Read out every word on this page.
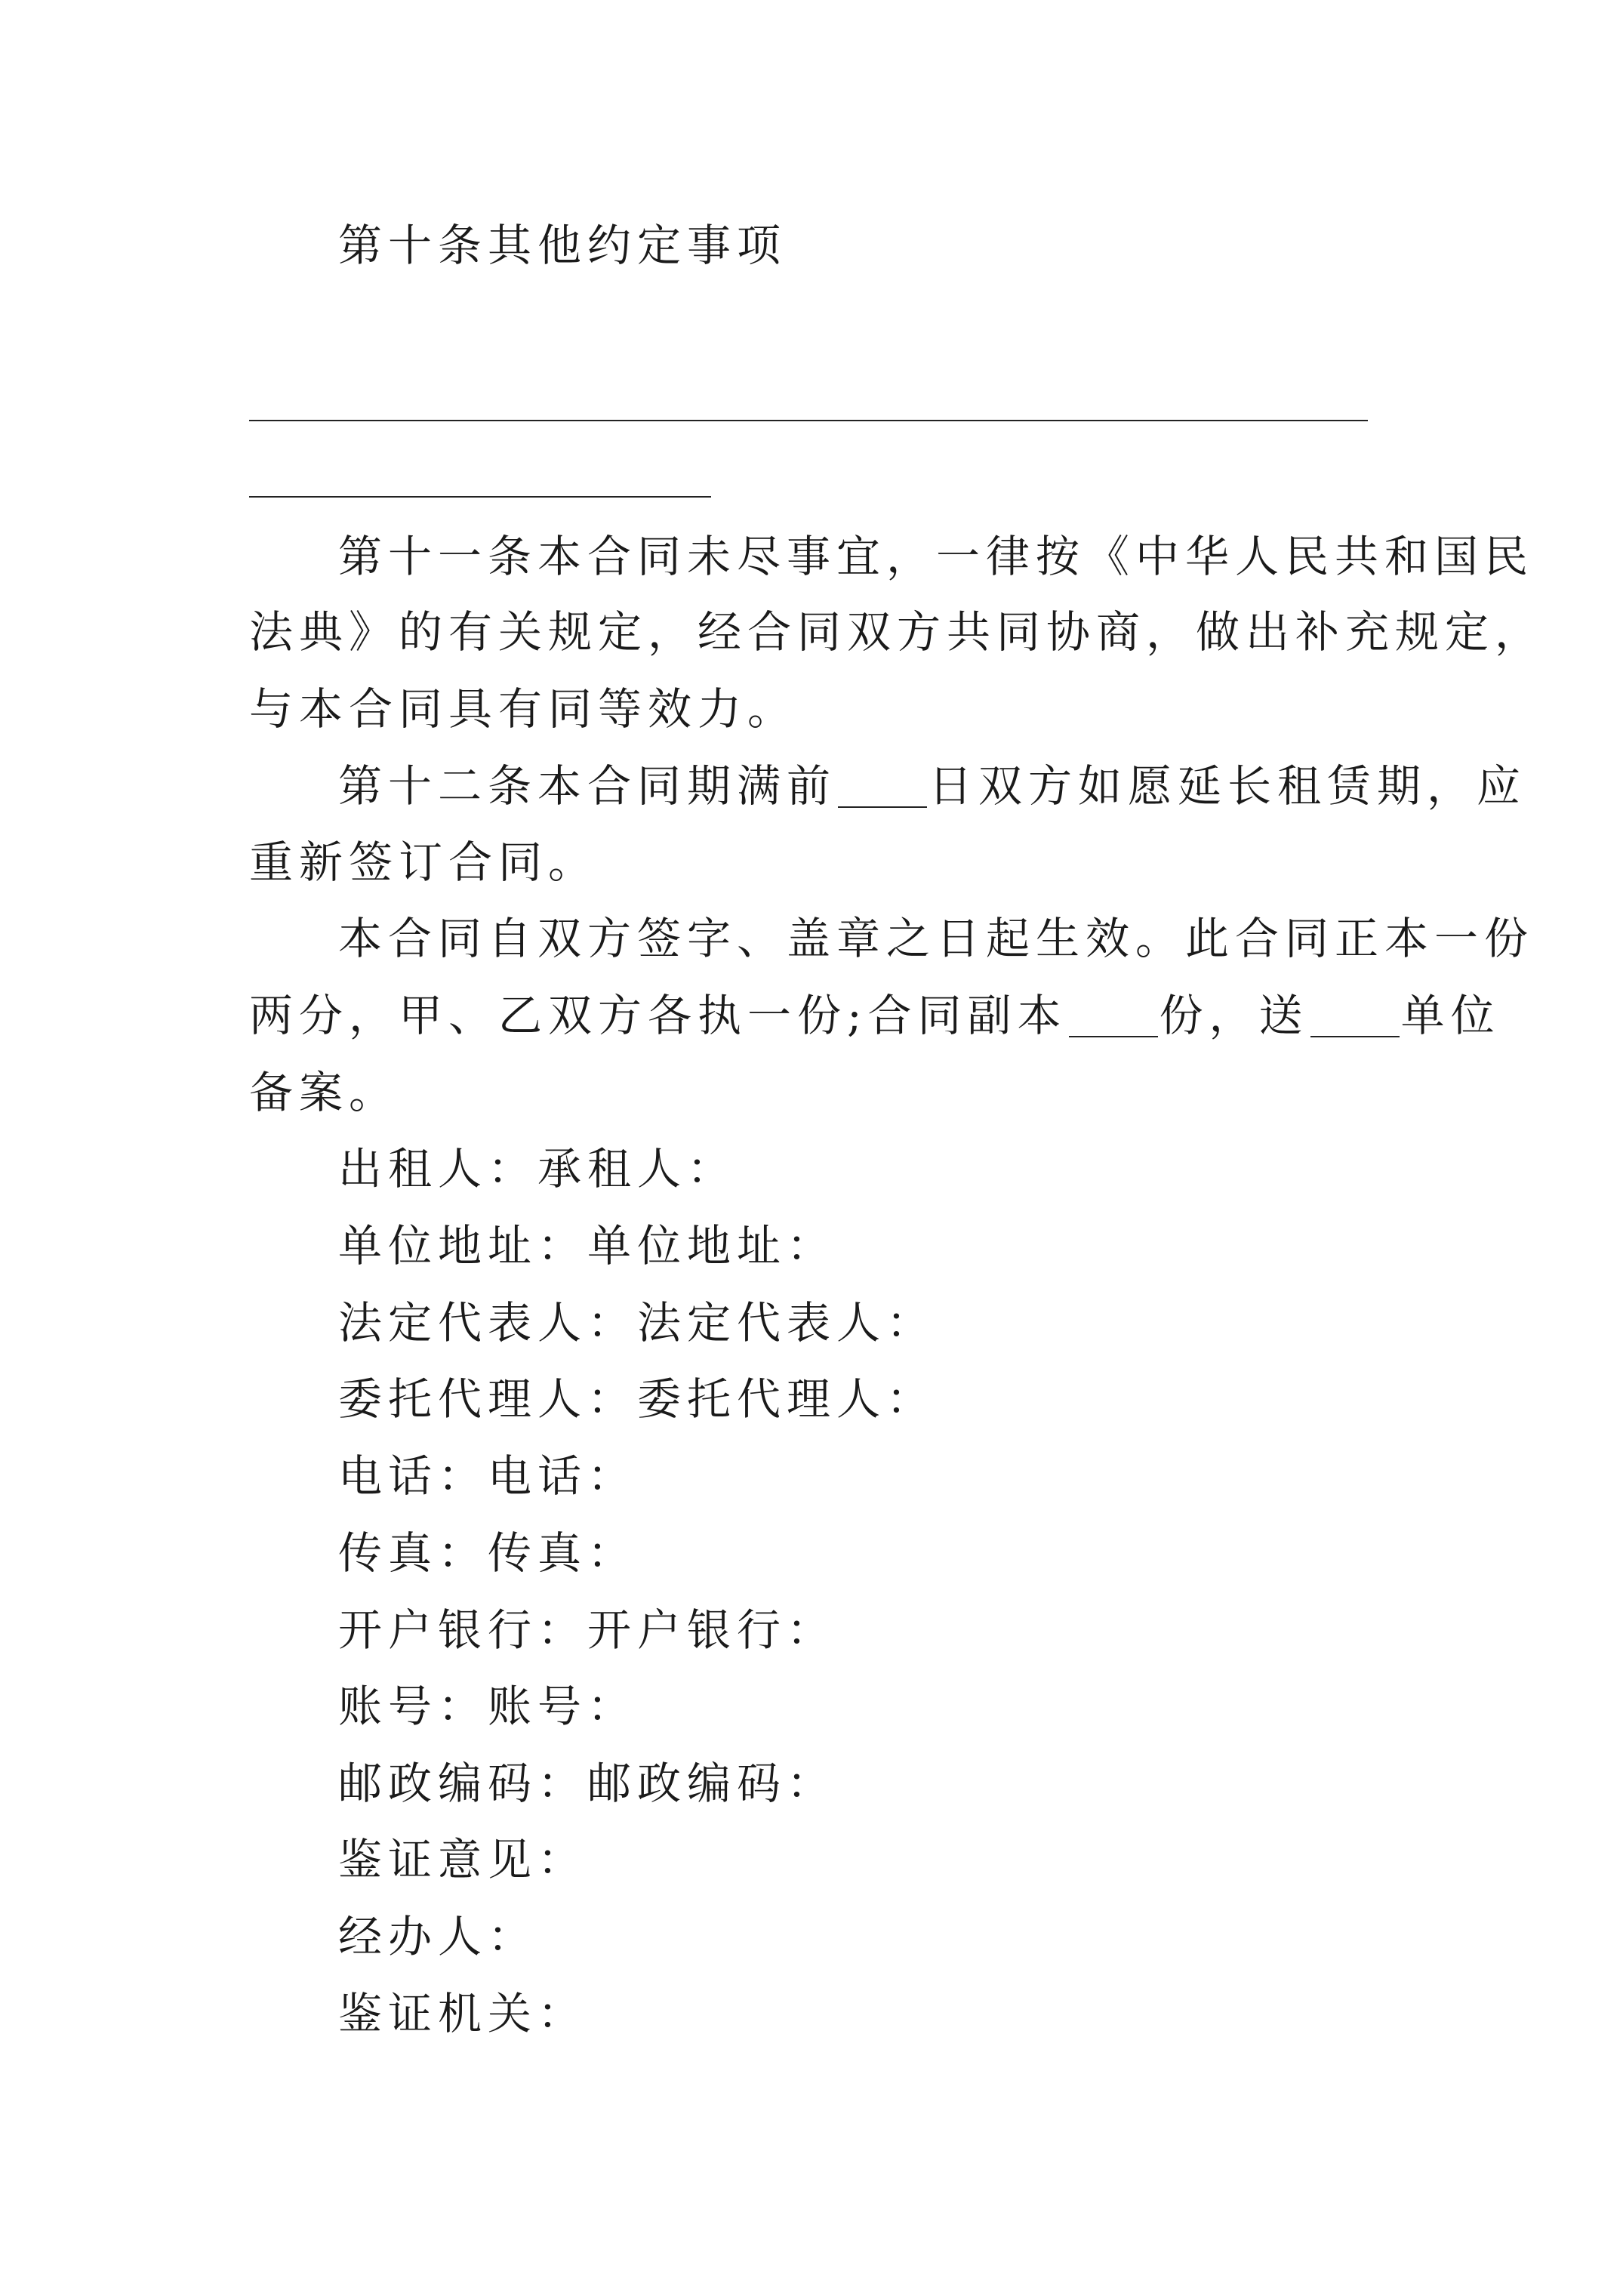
第十条其他约定事项
第十一条本合同未尽事宜，一律按《中华人民共和国民
法典》的有关规定，经合同双方共同协商，做出补充规定，
与本合同具有同等效力。
第十二条本合同期满前 日双方如愿延长租赁期，应
重新签订合同。
本合同自双方签字、盖章之日起生效。此合同正本一份
两分，甲、乙双方各执一份;合同副本 份，送 单位
备案。
出租人：承租人：
单位地址：单位地址：
法定代表人：法定代表人：
委托代理人：委托代理人：
电话：电话：
传真：传真：
开户银行：开户银行：
账号：账号：
邮政编码：邮政编码：
鉴证意见：
经办人：
鉴证机关：
